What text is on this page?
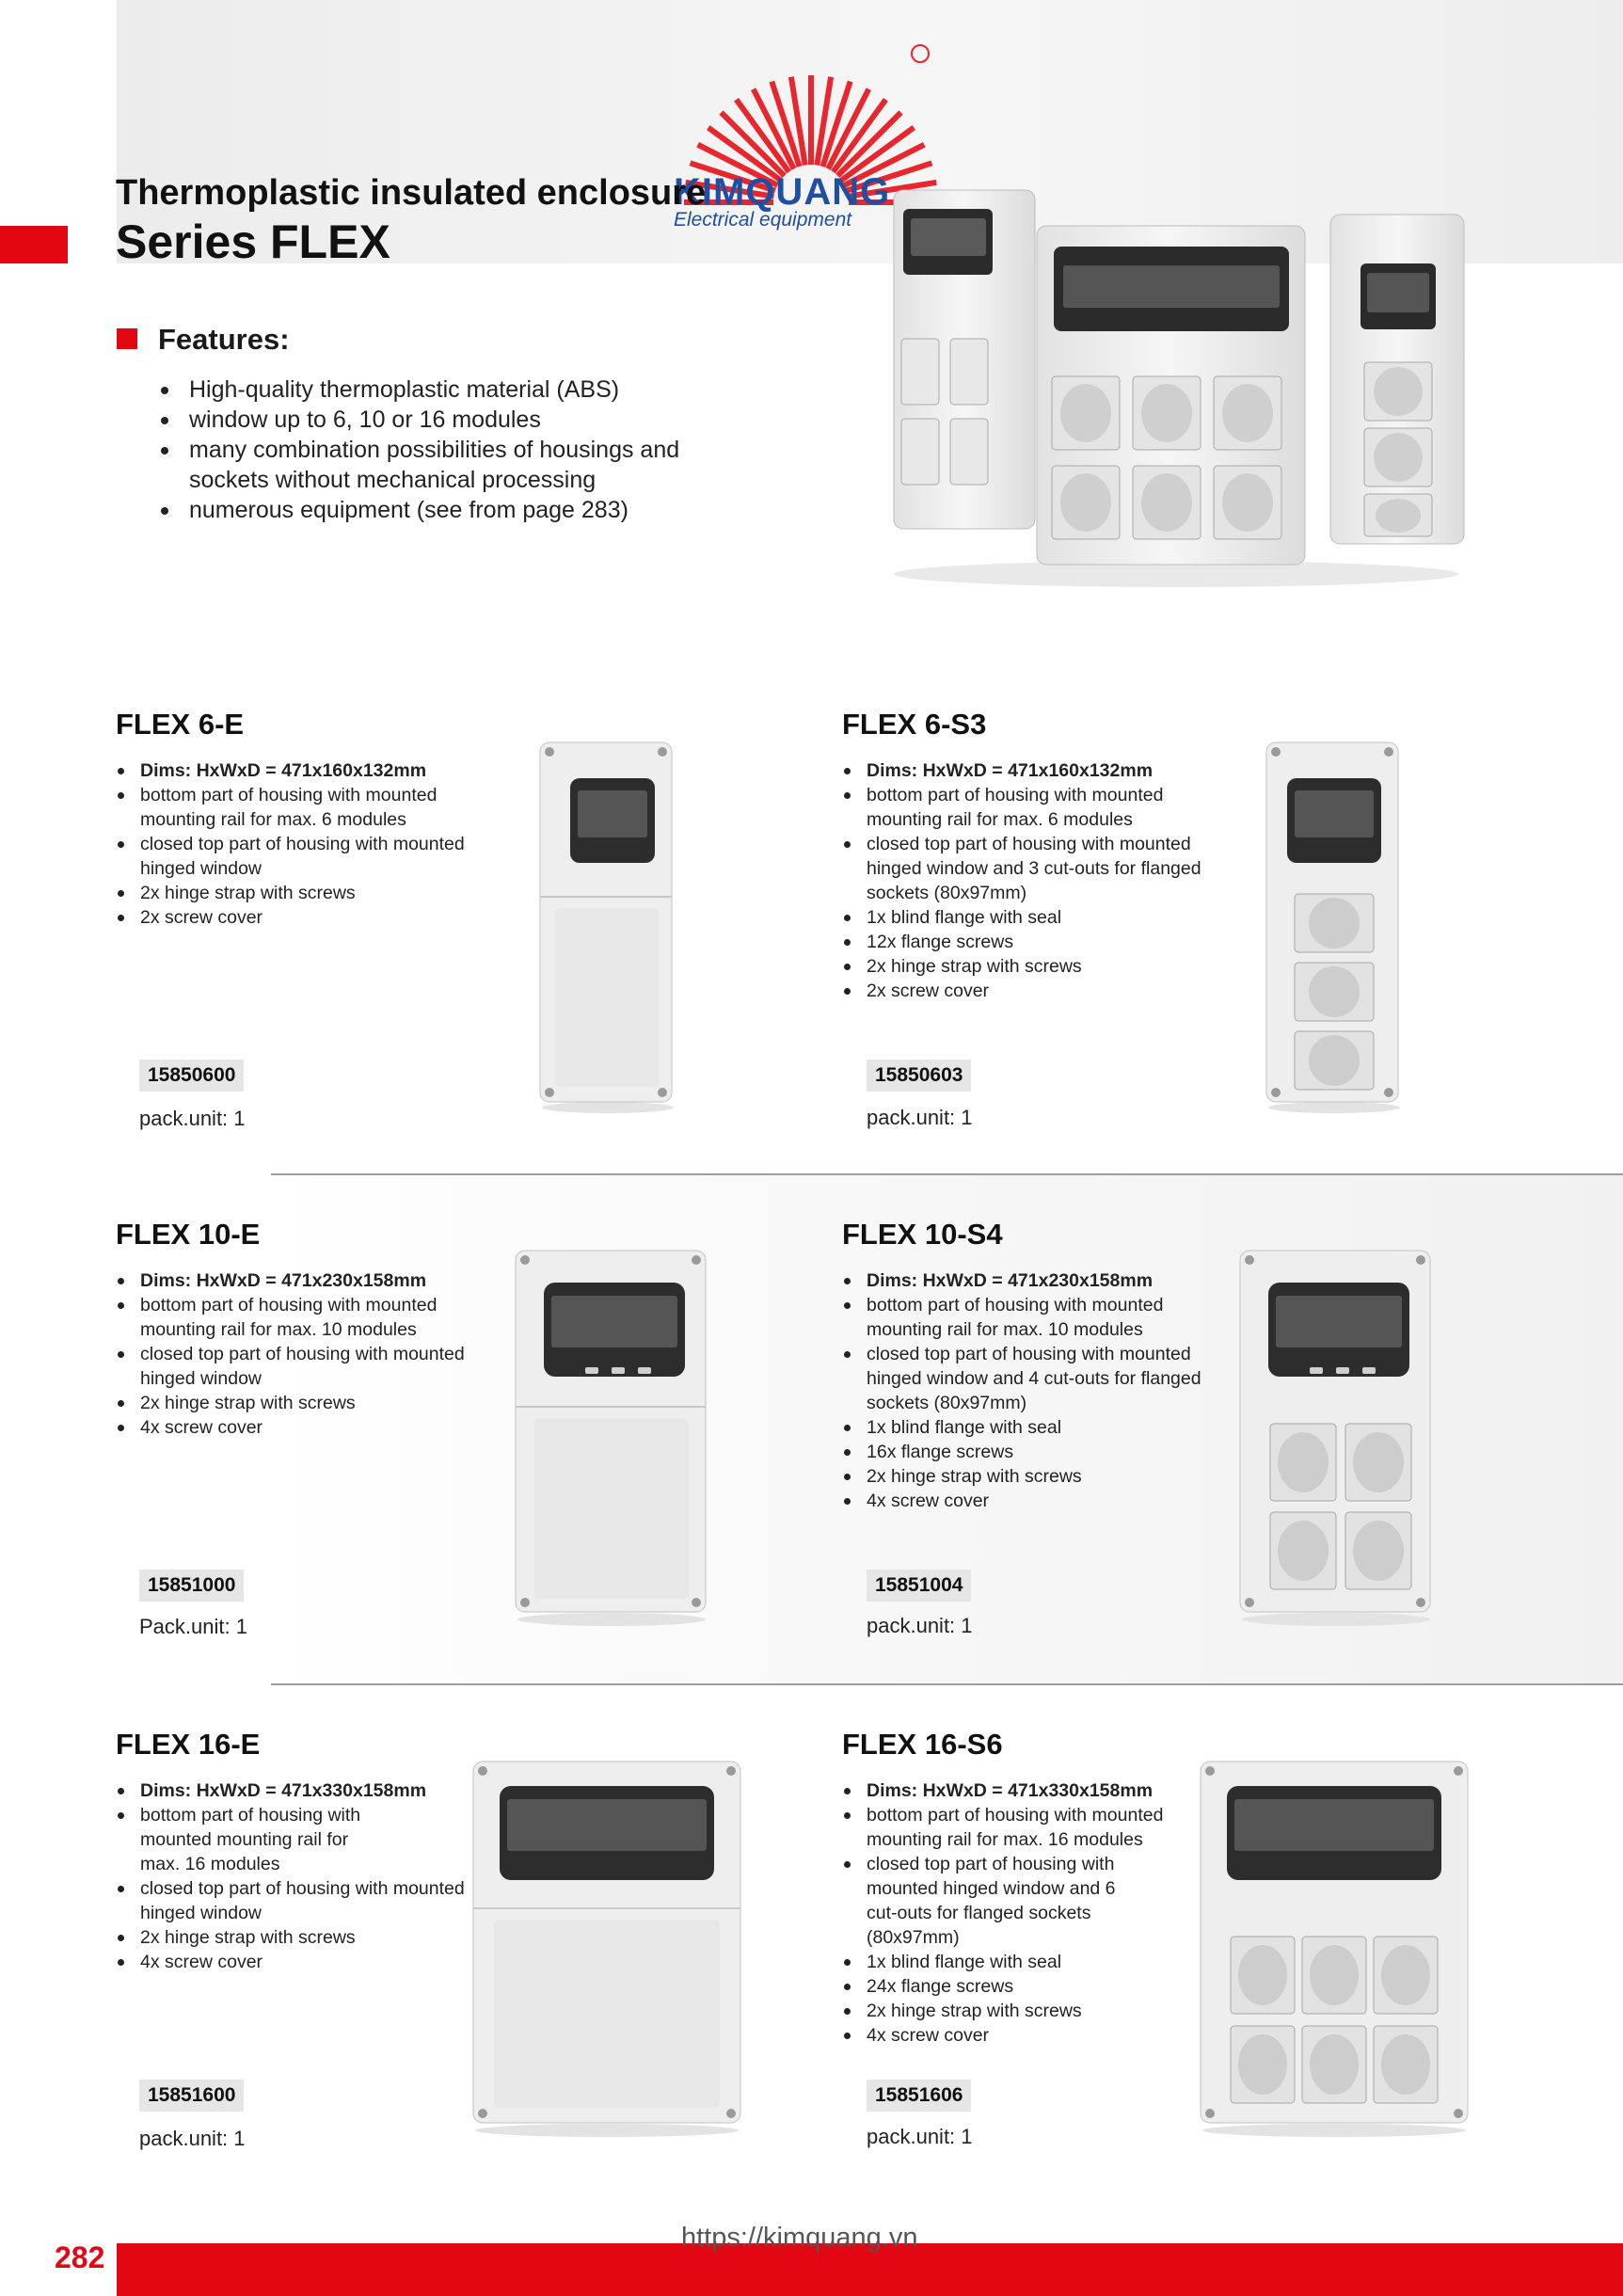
KIMQUANG
Electrical equipment
Thermoplastic insulated enclosure
Series FLEX
Features:
High-quality thermoplastic material (ABS)
window up to 6, 10 or 16 modules
many combination possibilities of housings and sockets without mechanical processing
numerous equipment (see from page 283)
FLEX 6-E
Dims: HxWxD = 471x160x132mm
bottom part of housing with mounted mounting rail for max. 6 modules
closed top part of housing with mounted hinged window
2x hinge strap with screws
2x screw cover
15850600
pack.unit: 1
FLEX 6-S3
Dims: HxWxD = 471x160x132mm
bottom part of housing with mounted mounting rail for max. 6 modules
closed top part of housing with mounted hinged window and 3 cut-outs for flanged sockets (80x97mm)
1x blind flange with seal
12x flange screws
2x hinge strap with screws
2x screw cover
15850603
pack.unit: 1
FLEX 10-E
Dims: HxWxD = 471x230x158mm
bottom part of housing with mounted mounting rail for max. 10 modules
closed top part of housing with mounted hinged window
2x hinge strap with screws
4x screw cover
15851000
Pack.unit: 1
FLEX 10-S4
Dims: HxWxD = 471x230x158mm
bottom part of housing with mounted mounting rail for max. 10 modules
closed top part of housing with mounted hinged window and 4 cut-outs for flanged sockets (80x97mm)
1x blind flange with seal
16x flange screws
2x hinge strap with screws
4x screw cover
15851004
pack.unit: 1
FLEX 16-E
Dims: HxWxD = 471x330x158mm
bottom part of housing with mounted mounting rail for max. 16 modules
closed top part of housing with mounted hinged window
2x hinge strap with screws
4x screw cover
15851600
pack.unit: 1
FLEX 16-S6
Dims: HxWxD = 471x330x158mm
bottom part of housing with mounted mounting rail for max. 16 modules
closed top part of housing with mounted hinged window and 6 cut-outs for flanged sockets (80x97mm)
1x blind flange with seal
24x flange screws
2x hinge strap with screws
4x screw cover
15851606
pack.unit: 1
282
https://kimquang.vn
